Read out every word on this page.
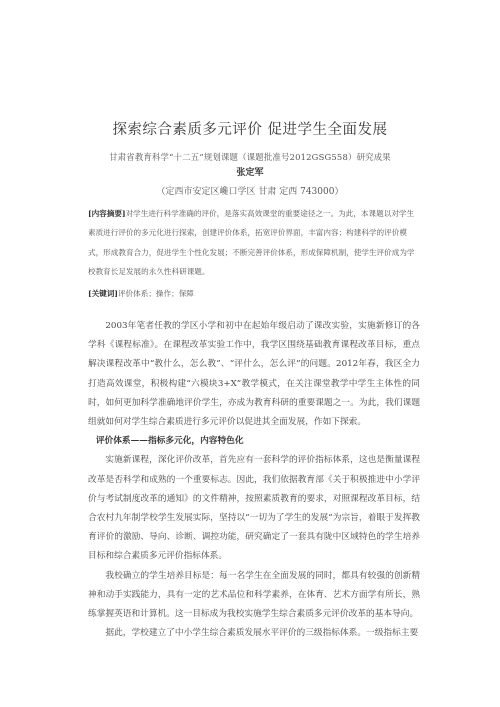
探索综合素质多元评价 促进学生全面发展
甘肃省教育科学“十二五”规划课题（课题批准号2012GSG558）研究成果
张定军
（定西市安定区巉口学区 甘肃 定西 743000）
[内容摘要]对学生进行科学准确的评价，是落实高效课堂的重要途径之一。为此，本课题以对学生素质进行评价的多元化进行探索，创建评价体系，拓宽评价界面，丰富内容；构建科学的评价模式，形成教育合力，促进学生个性化发展；不断完善评价体系，形成保障机制，使学生评价成为学校教育长足发展的永久性科研课题。
[关键词]评价体系；操作；保障

2003年笔者任教的学区小学和初中在起始年级启动了课改实验，实施新修订的各学科《课程标准》。在课程改革实验工作中，我学区围绕基础教育课程改革目标，重点解决课程改革中“教什么，怎么教”、“评什么，怎么评”的问题。2012年春，我区全力打造高效课堂，积极构建“六模块3+X”教学模式，在关注课堂教学中学生主体性的同时，如何更加科学准确地评价学生，亦成为教育科研的重要课题之一。为此，我们课题组就如何对学生综合素质进行多元评价以促进其全面发展，作如下探索。

评价体系——指标多元化，内容特色化

实施新课程，深化评价改革，首先应有一套科学的评价指标体系，这也是衡量课程改革是否科学和成熟的一个重要标志。因此，我们依据教育部《关于积极推进中小学评价与考试制度改革的通知》的文件精神，按照素质教育的要求，对照课程改革目标，结合农村九年制学校学生发展实际，坚持以“一切为了学生的发展”为宗旨，着眼于发挥教育评价的激励、导向、诊断、调控功能，研究确定了一套具有陇中区域特色的学生培养目标和综合素质多元评价指标体系。

我校确立的学生培养目标是：每一名学生在全面发展的同时，都具有较强的创新精神和动手实践能力，具有一定的艺术品位和科学素养，在体育、艺术方面学有所长，熟练掌握英语和计算机。这一目标成为我校实施学生综合素质多元评价改革的基本导向。

据此，学校建立了中小学生综合素质发展水平评价的三级指标体系。一级指标主要
